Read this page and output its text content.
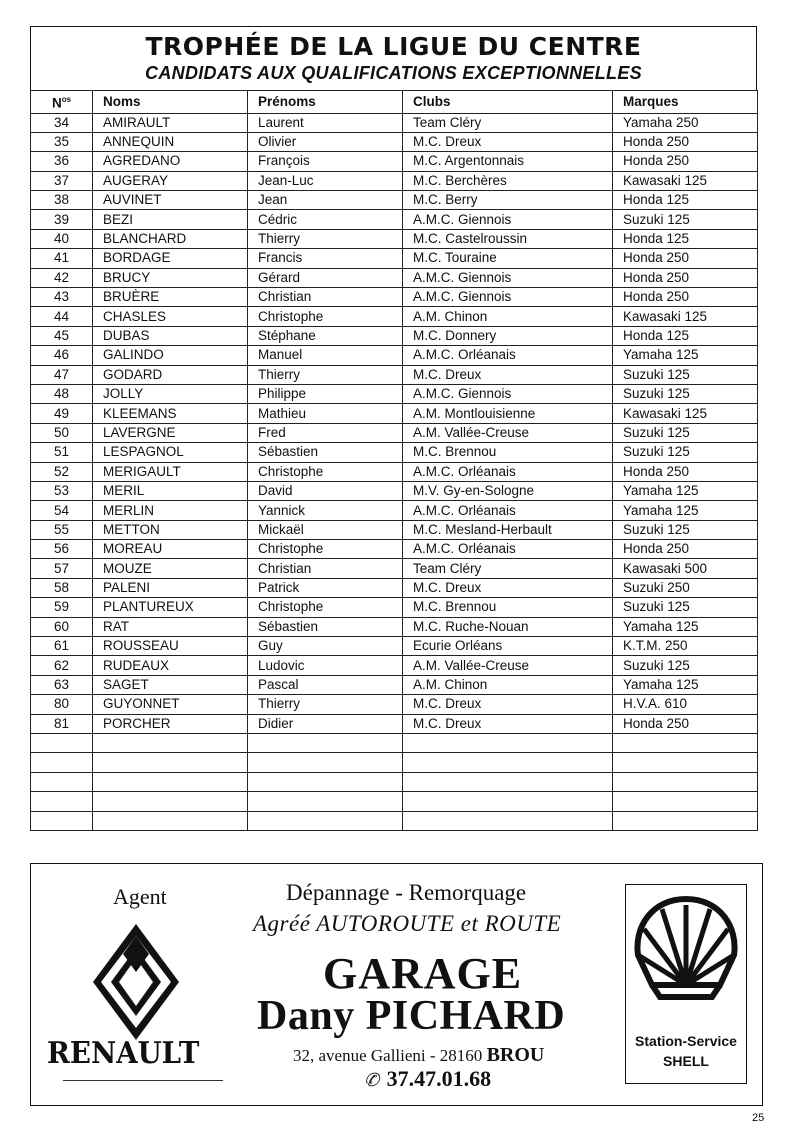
TROPHÉE DE LA LIGUE DU CENTRE
CANDIDATS AUX QUALIFICATIONS EXCEPTIONNELLES
$N^{os}$	Noms	Prénoms	Clubs	Marques
34	AMIRAULT	Laurent	Team Cléry	Yamaha 250
35	ANNEQUIN	Olivier	M.C. Dreux	Honda 250
36	AGREDANO	François	M.C. Argentonnais	Honda 250
37	AUGERAY	Jean-Luc	M.C. Berchères	Kawasaki 125
38	AUVINET	Jean	M.C. Berry	Honda 125
39	BEZI	Cédric	A.M.C. Giennois	Suzuki 125
40	BLANCHARD	Thierry	M.C. Castelroussin	Honda 125
41	BORDAGE	Francis	M.C. Touraine	Honda 250
42	BRUCY	Gérard	A.M.C. Giennois	Honda 250
43	BRUÈRE	Christian	A.M.C. Giennois	Honda 250
44	CHASLES	Christophe	A.M. Chinon	Kawasaki 125
45	DUBAS	Stéphane	M.C. Donnery	Honda 125
46	GALINDO	Manuel	A.M.C. Orléanais	Yamaha 125
47	GODARD	Thierry	M.C. Dreux	Suzuki 125
48	JOLLY	Philippe	A.M.C. Giennois	Suzuki 125
49	KLEEMANS	Mathieu	A.M. Montlouisienne	Kawasaki 125
50	LAVERGNE	Fred	A.M. Vallée-Creuse	Suzuki 125
51	LESPAGNOL	Sébastien	M.C. Brennou	Suzuki 125
52	MERIGAULT	Christophe	A.M.C. Orléanais	Honda 250
53	MERIL	David	M.V. Gy-en-Sologne	Yamaha 125
54	MERLIN	Yannick	A.M.C. Orléanais	Yamaha 125
55	METTON	Mickaël	M.C. Mesland-Herbault	Suzuki 125
56	MOREAU	Christophe	A.M.C. Orléanais	Honda 250
57	MOUZE	Christian	Team Cléry	Kawasaki 500
58	PALENI	Patrick	M.C. Dreux	Suzuki 250
59	PLANTUREUX	Christophe	M.C. Brennou	Suzuki 125
60	RAT	Sébastien	M.C. Ruche-Nouan	Yamaha 125
61	ROUSSEAU	Guy	Ecurie Orléans	K.T.M. 250
62	RUDEAUX	Ludovic	A.M. Vallée-Creuse	Suzuki 125
63	SAGET	Pascal	A.M. Chinon	Yamaha 125
80	GUYONNET	Thierry	M.C. Dreux	H.V.A. 610
81	PORCHER	Didier	M.C. Dreux	Honda 250

Agent
RENAULT
Dépannage - Remorquage
Agréé AUTOROUTE et ROUTE
GARAGE
Dany PICHARD
32, avenue Gallieni - 28160 BROU
✆ 37.47.01.68
Station-Service
SHELL
25
